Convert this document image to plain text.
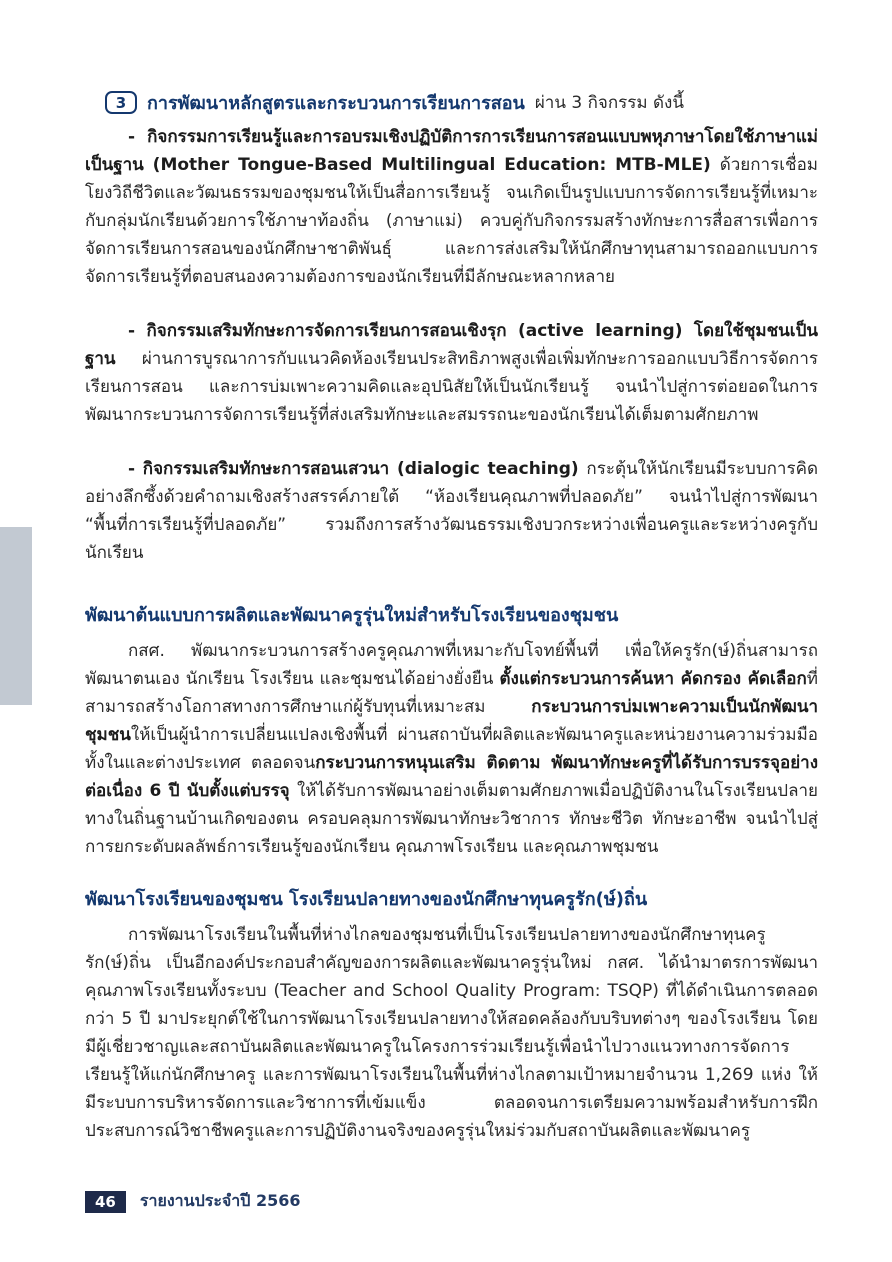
3	การพัฒนาหลักสูตรและกระบวนการเรียนการสอน ผ่าน 3 กิจกรรม ดังนี้

- กิจกรรมการเรียนรู้และการอบรมเชิงปฏิบัติการการเรียนการสอนแบบพหุภาษาโดยใช้ภาษาแม่เป็นฐาน (Mother Tongue-Based Multilingual Education: MTB-MLE) ด้วยการเชื่อมโยงวิถีชีวิตและวัฒนธรรมของชุมชนให้เป็นสื่อการเรียนรู้ จนเกิดเป็นรูปแบบการจัดการเรียนรู้ที่เหมาะกับกลุ่มนักเรียนด้วยการใช้ภาษาท้องถิ่น (ภาษาแม่) ควบคู่กับกิจกรรมสร้างทักษะการสื่อสารเพื่อการจัดการเรียนการสอนของนักศึกษาชาติพันธุ์ และการส่งเสริมให้นักศึกษาทุนสามารถออกแบบการจัดการเรียนรู้ที่ตอบสนองความต้องการของนักเรียนที่มีลักษณะหลากหลาย

- กิจกรรมเสริมทักษะการจัดการเรียนการสอนเชิงรุก (active learning) โดยใช้ชุมชนเป็นฐาน ผ่านการบูรณาการกับแนวคิดห้องเรียนประสิทธิภาพสูงเพื่อเพิ่มทักษะการออกแบบวิธีการจัดการเรียนการสอน และการบ่มเพาะความคิดและอุปนิสัยให้เป็นนักเรียนรู้ จนนำไปสู่การต่อยอดในการพัฒนากระบวนการจัดการเรียนรู้ที่ส่งเสริมทักษะและสมรรถนะของนักเรียนได้เต็มตามศักยภาพ

- กิจกรรมเสริมทักษะการสอนเสวนา (dialogic teaching) กระตุ้นให้นักเรียนมีระบบการคิดอย่างลึกซึ้งด้วยคำถามเชิงสร้างสรรค์ภายใต้ “ห้องเรียนคุณภาพที่ปลอดภัย” จนนำไปสู่การพัฒนา “พื้นที่การเรียนรู้ที่ปลอดภัย” รวมถึงการสร้างวัฒนธรรมเชิงบวกระหว่างเพื่อนครูและระหว่างครูกับนักเรียน

พัฒนาต้นแบบการผลิตและพัฒนาครูรุ่นใหม่สำหรับโรงเรียนของชุมชน

กสศ. พัฒนากระบวนการสร้างครูคุณภาพที่เหมาะกับโจทย์พื้นที่ เพื่อให้ครูรัก(ษ์)ถิ่นสามารถพัฒนาตนเอง นักเรียน โรงเรียน และชุมชนได้อย่างยั่งยืน ตั้งแต่กระบวนการค้นหา คัดกรอง คัดเลือกที่สามารถสร้างโอกาสทางการศึกษาแก่ผู้รับทุนที่เหมาะสม กระบวนการบ่มเพาะความเป็นนักพัฒนาชุมชนให้เป็นผู้นำการเปลี่ยนแปลงเชิงพื้นที่ ผ่านสถาบันที่ผลิตและพัฒนาครูและหน่วยงานความร่วมมือทั้งในและต่างประเทศ ตลอดจนกระบวนการหนุนเสริม ติดตาม พัฒนาทักษะครูที่ได้รับการบรรจุอย่างต่อเนื่อง 6 ปี นับตั้งแต่บรรจุ ให้ได้รับการพัฒนาอย่างเต็มตามศักยภาพเมื่อปฏิบัติงานในโรงเรียนปลายทางในถิ่นฐานบ้านเกิดของตน ครอบคลุมการพัฒนาทักษะวิชาการ ทักษะชีวิต ทักษะอาชีพ จนนำไปสู่การยกระดับผลลัพธ์การเรียนรู้ของนักเรียน คุณภาพโรงเรียน และคุณภาพชุมชน

พัฒนาโรงเรียนของชุมชน โรงเรียนปลายทางของนักศึกษาทุนครูรัก(ษ์)ถิ่น

การพัฒนาโรงเรียนในพื้นที่ห่างไกลของชุมชนที่เป็นโรงเรียนปลายทางของนักศึกษาทุนครูรัก(ษ์)ถิ่น เป็นอีกองค์ประกอบสำคัญของการผลิตและพัฒนาครูรุ่นใหม่ กสศ. ได้นำมาตรการพัฒนาคุณภาพโรงเรียนทั้งระบบ (Teacher and School Quality Program: TSQP) ที่ได้ดำเนินการตลอดกว่า 5 ปี มาประยุกต์ใช้ในการพัฒนาโรงเรียนปลายทางให้สอดคล้องกับบริบทต่างๆ ของโรงเรียน โดยมีผู้เชี่ยวชาญและสถาบันผลิตและพัฒนาครูในโครงการร่วมเรียนรู้เพื่อนำไปวางแนวทางการจัดการเรียนรู้ให้แก่นักศึกษาครู และการพัฒนาโรงเรียนในพื้นที่ห่างไกลตามเป้าหมายจำนวน 1,269 แห่ง ให้มีระบบการบริหารจัดการและวิชาการที่เข้มแข็ง ตลอดจนการเตรียมความพร้อมสำหรับการฝึกประสบการณ์วิชาชีพครูและการปฏิบัติงานจริงของครูรุ่นใหม่ร่วมกับสถาบันผลิตและพัฒนาครู

46	รายงานประจำปี 2566
